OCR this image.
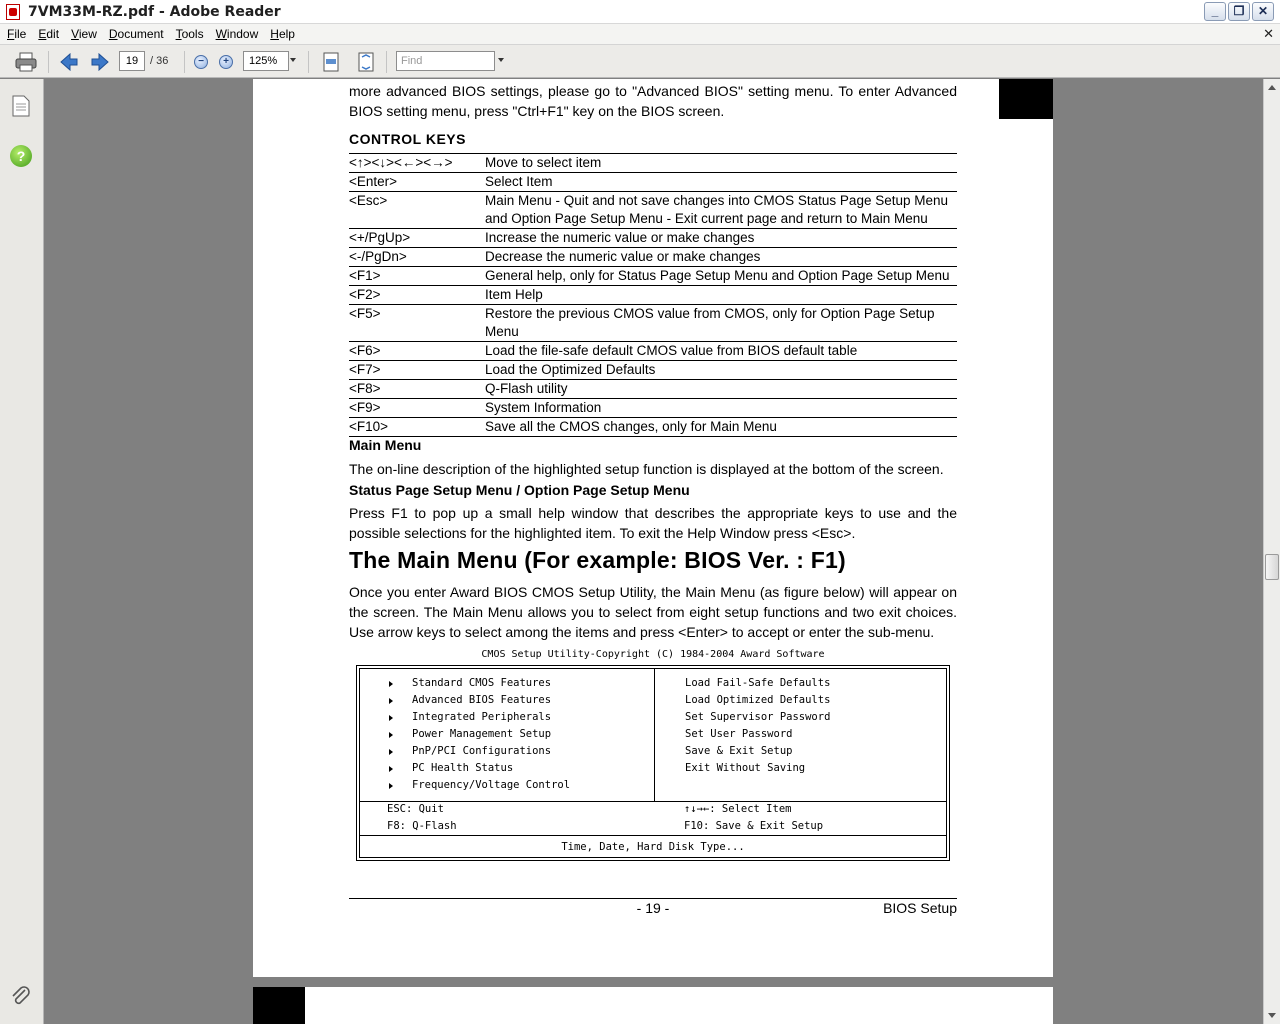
7VM33M-RZ.pdf - Adobe Reader	_	❐	✕
File	Edit	View	Document	Tools	Window	Help	✕
19	/ 36	−	+	125%	Find
?
more advanced BIOS settings, please go to "Advanced BIOS" setting menu. To enter Advanced BIOS setting menu, press "Ctrl+F1" key on the BIOS screen.
CONTROL KEYS
<↑><↓><←><→>	Move to select item
<Enter>	Select Item
<Esc>	Main Menu - Quit and not save changes into CMOS Status Page Setup Menu and Option Page Setup Menu - Exit current page and return to Main Menu
<+/PgUp>	Increase the numeric value or make changes
<-/PgDn>	Decrease the numeric value or make changes
<F1>	General help, only for Status Page Setup Menu and Option Page Setup Menu
<F2>	Item Help
<F5>	Restore the previous CMOS value from CMOS, only for Option Page Setup Menu
<F6>	Load the file-safe default CMOS value from BIOS default table
<F7>	Load the Optimized Defaults
<F8>	Q-Flash utility
<F9>	System Information
<F10>	Save all the CMOS changes, only for Main Menu
Main Menu
The on-line description of the highlighted setup function is displayed at the bottom of the screen.
Status Page Setup Menu / Option Page Setup Menu
Press F1 to pop up a small help window that describes the appropriate keys to use and the possible selections for the highlighted item. To exit the Help Window press <Esc>.
The Main Menu (For example: BIOS Ver. : F1)
Once you enter Award BIOS CMOS Setup Utility, the Main Menu (as figure below) will appear on the screen. The Main Menu allows you to select from eight setup functions and two exit choices. Use arrow keys to select among the items and press <Enter> to accept or enter the sub-menu.
CMOS Setup Utility-Copyright (C) 1984-2004 Award Software
Standard CMOS Features
Advanced BIOS Features
Integrated Peripherals
Power Management Setup
PnP/PCI Configurations
PC Health Status
Frequency/Voltage Control
Load Fail-Safe Defaults
Load Optimized Defaults
Set Supervisor Password
Set User Password
Save & Exit Setup
Exit Without Saving
ESC: Quit
F8: Q-Flash
↑↓→←: Select Item
F10: Save & Exit Setup
Time, Date, Hard Disk Type...
- 19 -	BIOS Setup
